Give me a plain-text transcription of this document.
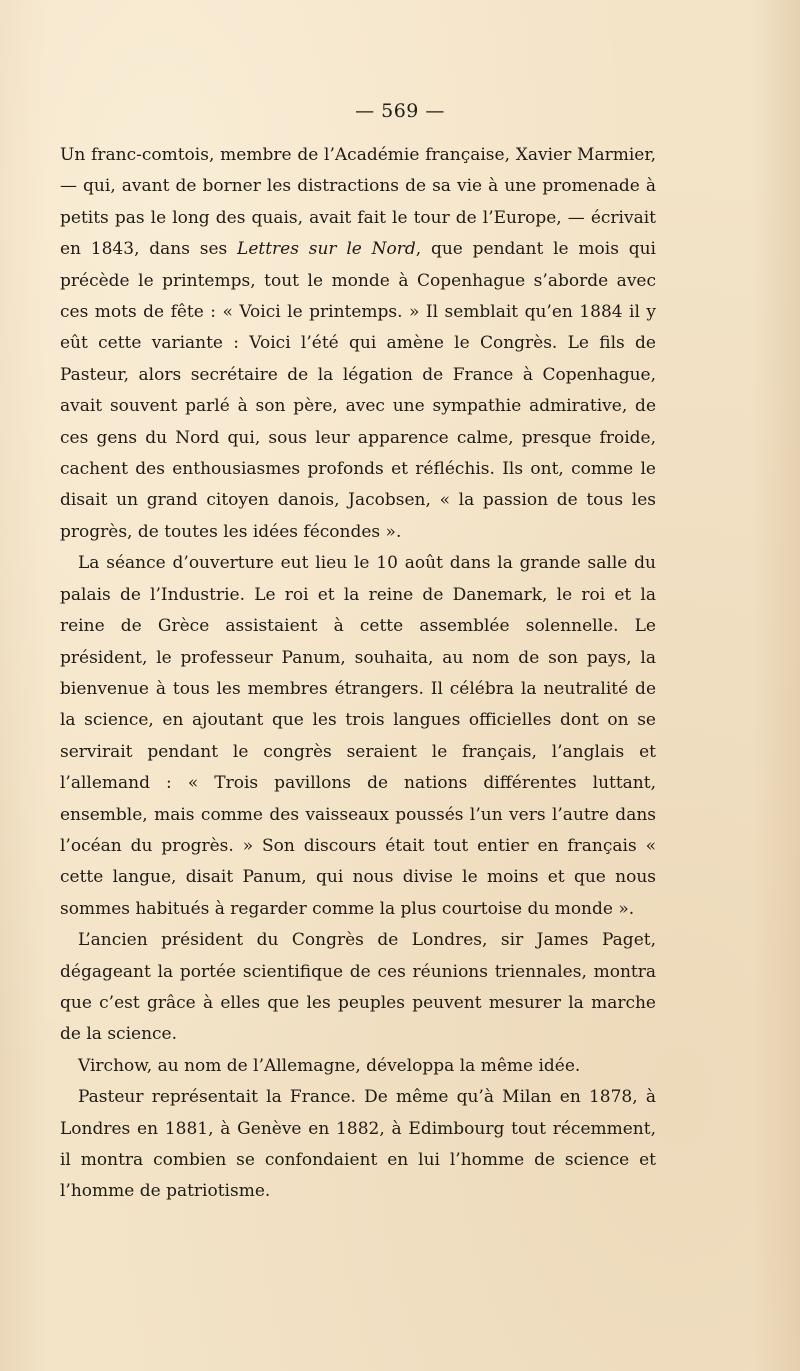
— 569 —

Un franc-comtois, membre de l’Académie française, Xavier Marmier, — qui, avant de borner les distractions de sa vie à une promenade à petits pas le long des quais, avait fait le tour de l’Europe, — écrivait en 1843, dans ses Lettres sur le Nord, que pendant le mois qui précède le printemps, tout le monde à Copenhague s’aborde avec ces mots de fête : « Voici le printemps. » Il semblait qu’en 1884 il y eût cette variante : Voici l’été qui amène le Congrès. Le fils de Pasteur, alors secrétaire de la légation de France à Copenhague, avait souvent parlé à son père, avec une sympathie admirative, de ces gens du Nord qui, sous leur apparence calme, presque froide, cachent des enthousiasmes profonds et réfléchis. Ils ont, comme le disait un grand citoyen danois, Jacobsen, « la passion de tous les progrès, de toutes les idées fécondes ».

La séance d’ouverture eut lieu le 10 août dans la grande salle du palais de l’Industrie. Le roi et la reine de Danemark, le roi et la reine de Grèce assistaient à cette assemblée solennelle. Le président, le professeur Panum, souhaita, au nom de son pays, la bienvenue à tous les membres étrangers. Il célébra la neutralité de la science, en ajoutant que les trois langues officielles dont on se servirait pendant le congrès seraient le français, l’anglais et l’allemand : « Trois pavillons de nations différentes luttant, ensemble, mais comme des vaisseaux poussés l’un vers l’autre dans l’océan du progrès. » Son discours était tout entier en français « cette langue, disait Panum, qui nous divise le moins et que nous sommes habitués à regarder comme la plus courtoise du monde ».

L’ancien président du Congrès de Londres, sir James Paget, dégageant la portée scientifique de ces réunions triennales, montra que c’est grâce à elles que les peuples peuvent mesurer la marche de la science.

Virchow, au nom de l’Allemagne, développa la même idée.

Pasteur représentait la France. De même qu’à Milan en 1878, à Londres en 1881, à Genève en 1882, à Edimbourg tout récemment, il montra combien se confondaient en lui l’homme de science et l’homme de patriotisme.
